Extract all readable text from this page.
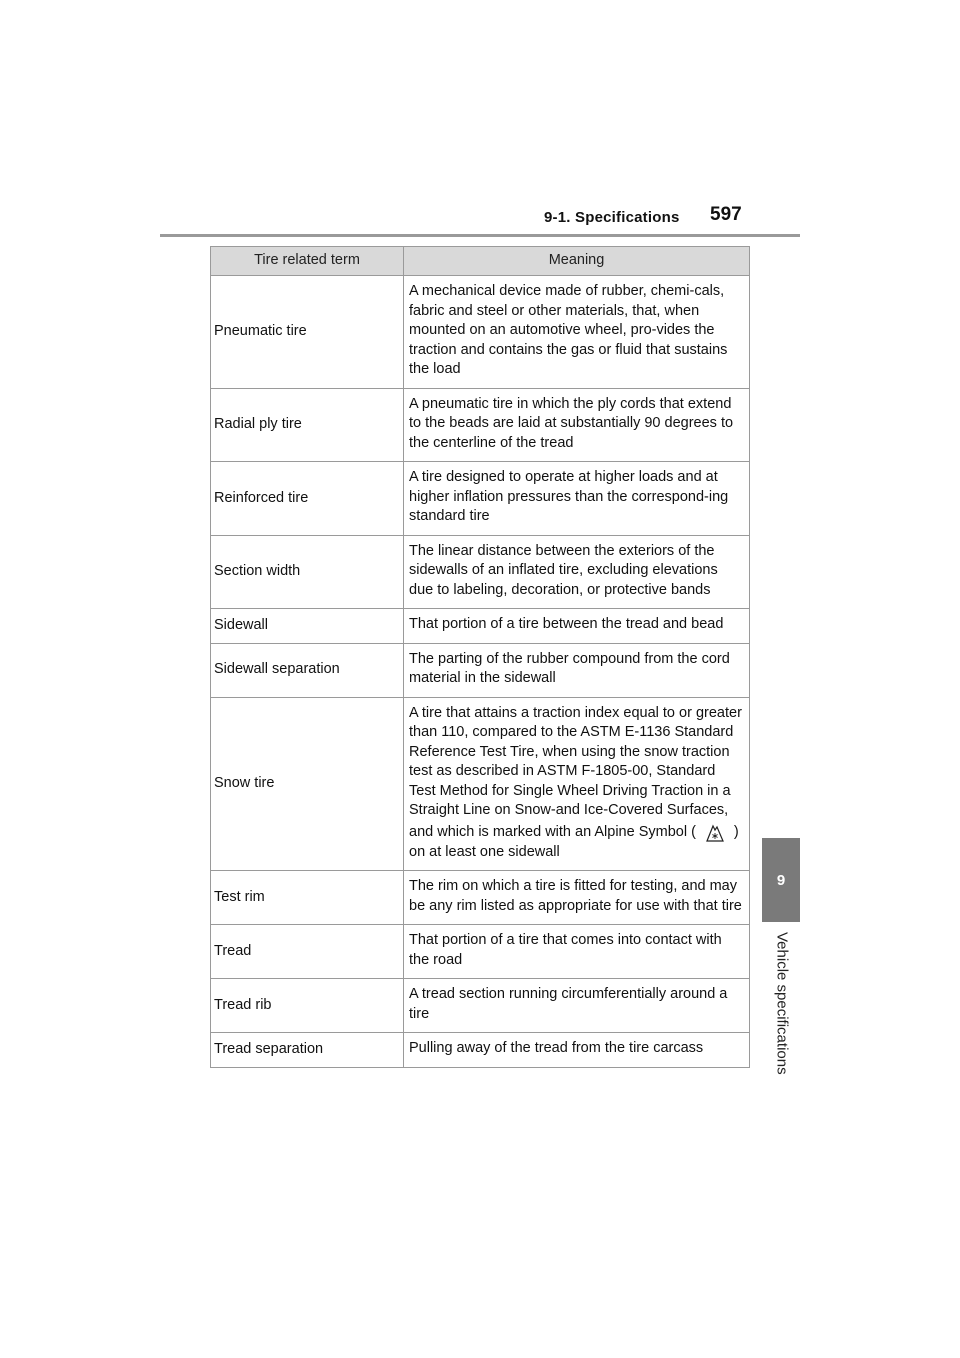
9-1. Specifications 597
9
Vehicle specifications
Tire related term	Meaning
Pneumatic tire	A mechanical device made of rubber, chemi-cals, fabric and steel or other materials, that, when mounted on an automotive wheel, pro-vides the traction and contains the gas or fluid that sustains the load
Radial ply tire	A pneumatic tire in which the ply cords that extend to the beads are laid at substantially 90 degrees to the centerline of the tread
Reinforced tire	A tire designed to operate at higher loads and at higher inflation pressures than the correspond-ing standard tire
Section width	The linear distance between the exteriors of the sidewalls of an inflated tire, excluding elevations due to labeling, decoration, or protective bands
Sidewall	That portion of a tire between the tread and bead
Sidewall separation	The parting of the rubber compound from the cord material in the sidewall
Snow tire	A tire that attains a traction index equal to or greater than 110, compared to the ASTM E-1136 Standard Reference Test Tire, when using the snow traction test as described in ASTM F-1805-00, Standard Test Method for Single Wheel Driving Traction in a Straight Line on Snow-and Ice-Covered Surfaces, and which is marked with an Alpine Symbol ( ) on at least one sidewall
Test rim	The rim on which a tire is fitted for testing, and may be any rim listed as appropriate for use with that tire
Tread	That portion of a tire that comes into contact with the road
Tread rib	A tread section running circumferentially around a tire
Tread separation	Pulling away of the tread from the tire carcass
